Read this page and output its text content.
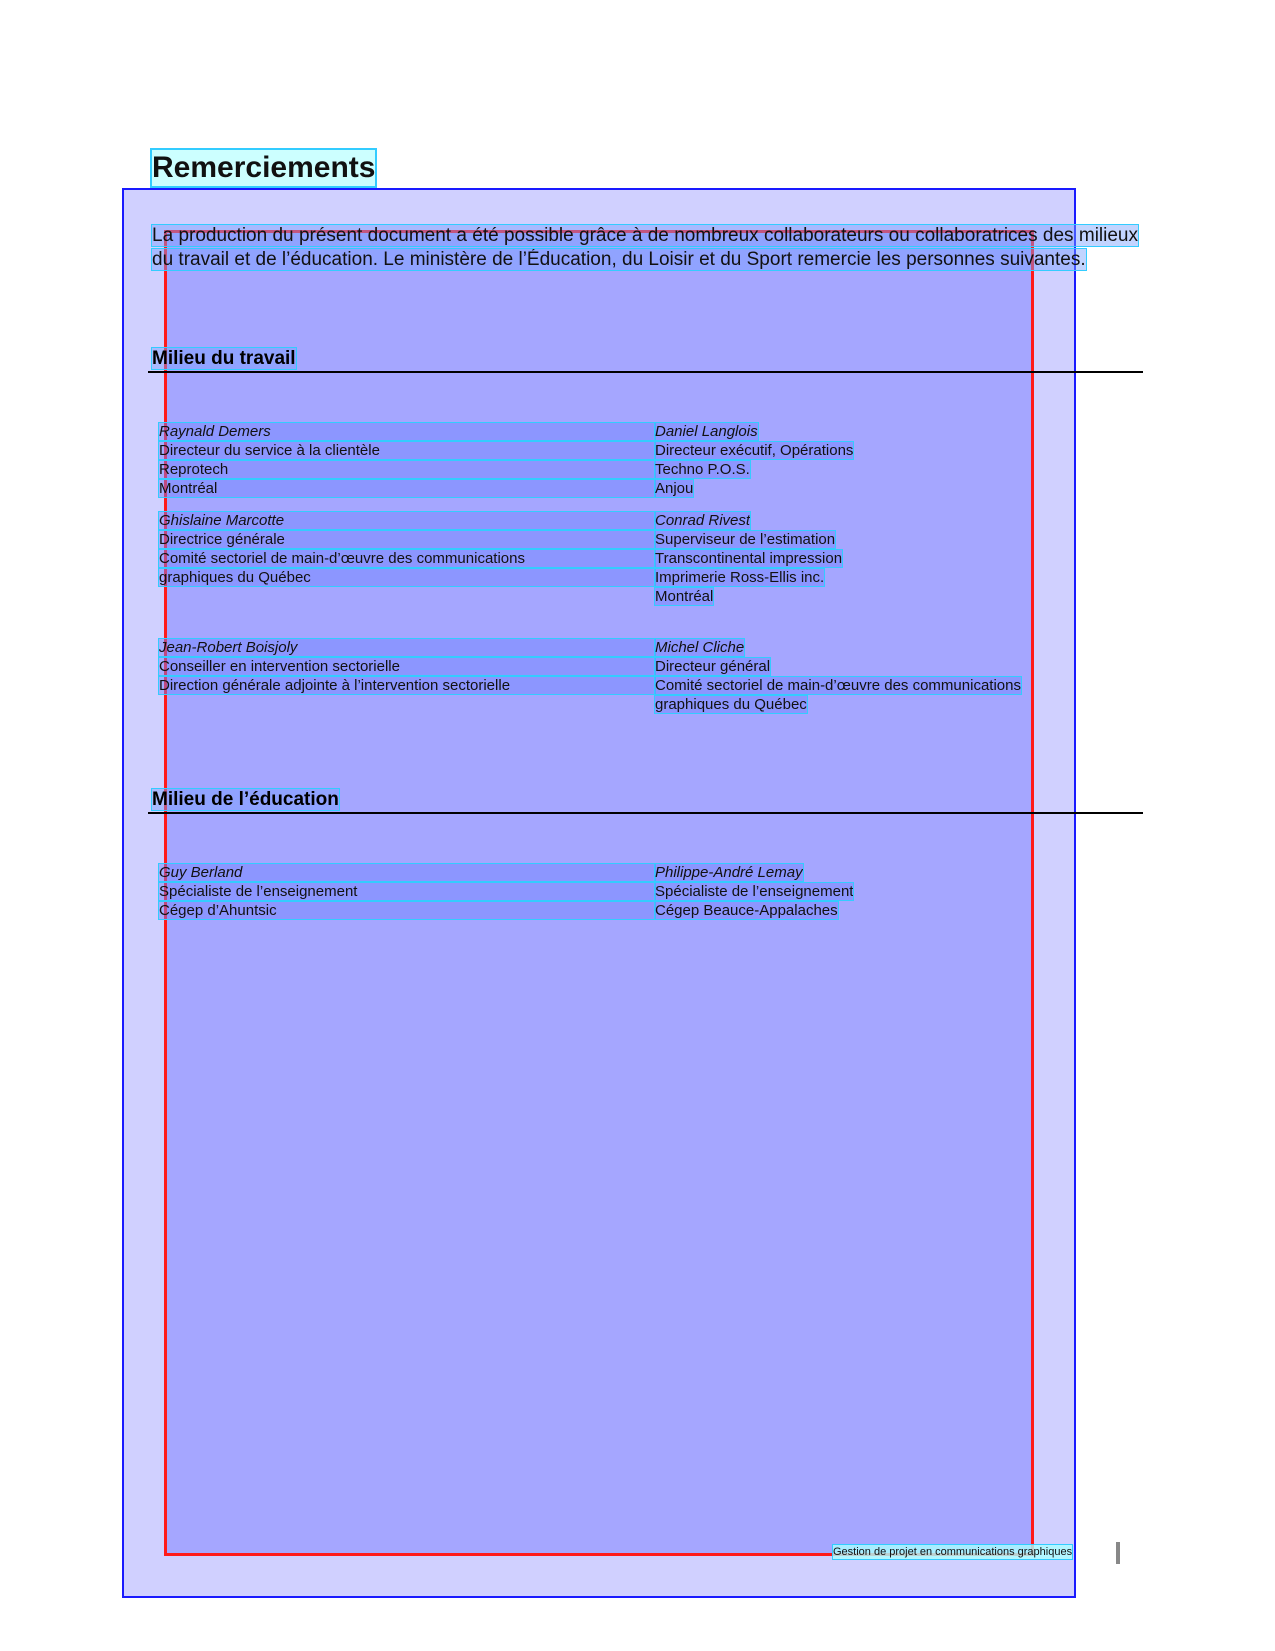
Remerciements

La production du présent document a été possible grâce à de nombreux collaborateurs ou collaboratrices des milieux du travail et de l’éducation. Le ministère de l’Éducation, du Loisir et du Sport remercie les personnes suivantes.

Milieu du travail
Raynald Demers
Directeur du service à la clientèle
Reprotech
Montréal
Daniel Langlois
Directeur exécutif, Opérations
Techno P.O.S.
Anjou
Ghislaine Marcotte
Directrice générale
Comité sectoriel de main-d’œuvre des communications
graphiques du Québec
Conrad Rivest
Superviseur de l’estimation
Transcontinental impression
Imprimerie Ross-Ellis inc.
Montréal
Jean-Robert Boisjoly
Conseiller en intervention sectorielle
Direction générale adjointe à l’intervention sectorielle
Michel Cliche
Directeur général
Comité sectoriel de main-d’œuvre des communications
graphiques du Québec
Milieu de l’éducation
Guy Berland
Spécialiste de l’enseignement
Cégep d’Ahuntsic
Philippe-André Lemay
Spécialiste de l’enseignement
Cégep Beauce-Appalaches
Gestion de projet en communications graphiques
